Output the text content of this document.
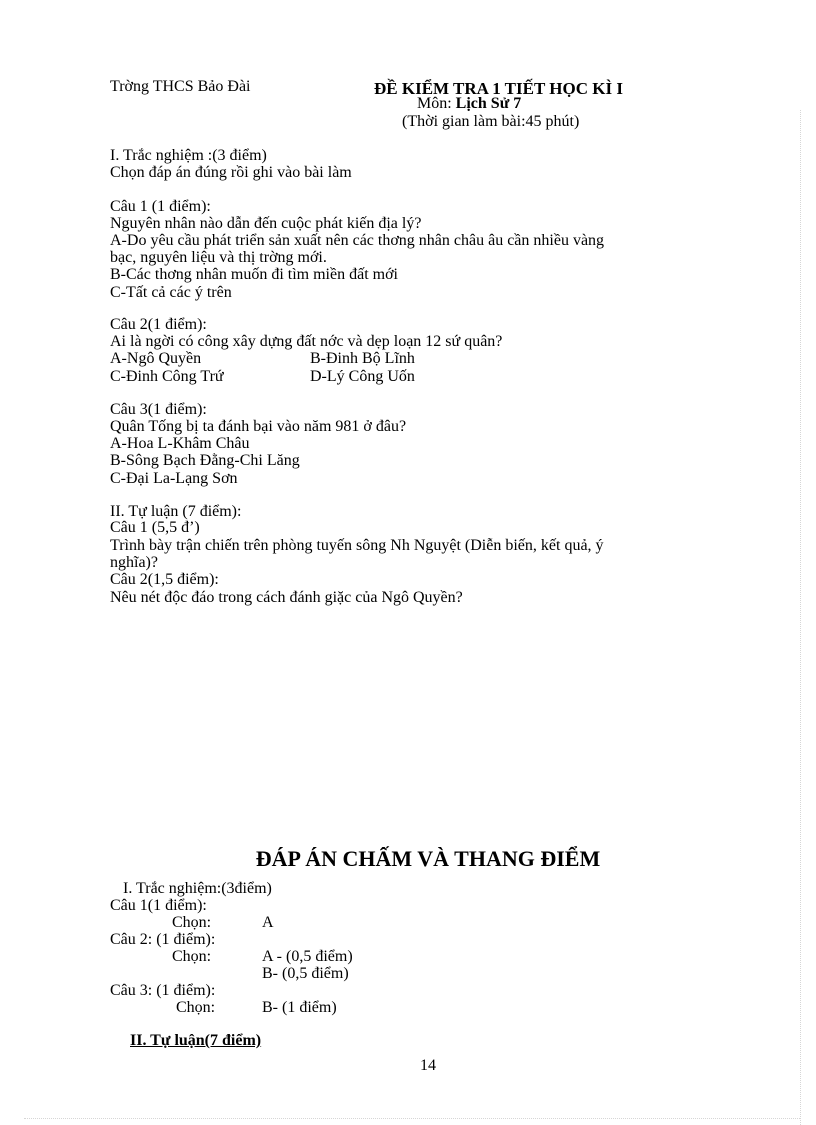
Trờng THCS Bảo Đài	ĐỀ KIỂM TRA 1 TIẾT HỌC KÌ I
Môn: Lịch Sử 7
(Thời gian làm bài:45 phút)
I. Trắc nghiệm :(3 điểm)
Chọn đáp án đúng rồi ghi vào bài làm
Câu 1 (1 điểm):
Nguyên nhân nào dẫn đến cuộc phát kiến địa lý?
A-Do yêu cầu phát triển sản xuất nên các thơng nhân châu âu cần nhiều vàng
bạc, nguyên liệu và thị trờng mới.
B-Các thơng nhân muốn đi tìm miền đất mới
C-Tất cả các ý trên
Câu 2(1 điểm):
Ai là ngời có công xây dựng đất nớc và dẹp loạn 12 sứ quân?
A-Ngô Quyền	B-Đinh Bộ Lĩnh
C-Đinh Công Trứ	D-Lý Công Uốn
Câu 3(1 điểm):
Quân Tống bị ta đánh bại vào năm 981 ở đâu?
A-Hoa L-Khâm Châu
B-Sông Bạch Đằng-Chi Lăng
C-Đại La-Lạng Sơn
II. Tự luận (7 điểm):
Câu 1 (5,5 đ’)
Trình bày trận chiến trên phòng tuyến sông Nh Nguyệt (Diễn biến, kết quả, ý
nghĩa)?
Câu 2(1,5 điểm):
Nêu nét độc đáo trong cách đánh giặc của Ngô Quyền?
ĐÁP ÁN CHẤM VÀ THANG ĐIỂM
I. Trắc nghiệm:(3điểm)
Câu 1(1 điểm):
Chọn:	A
Câu 2: (1 điểm):
Chọn:	A - (0,5 điểm)
B- (0,5 điểm)
Câu 3: (1 điểm):
Chọn:	B- (1 điểm)
II. Tự luận(7 điểm)
14
